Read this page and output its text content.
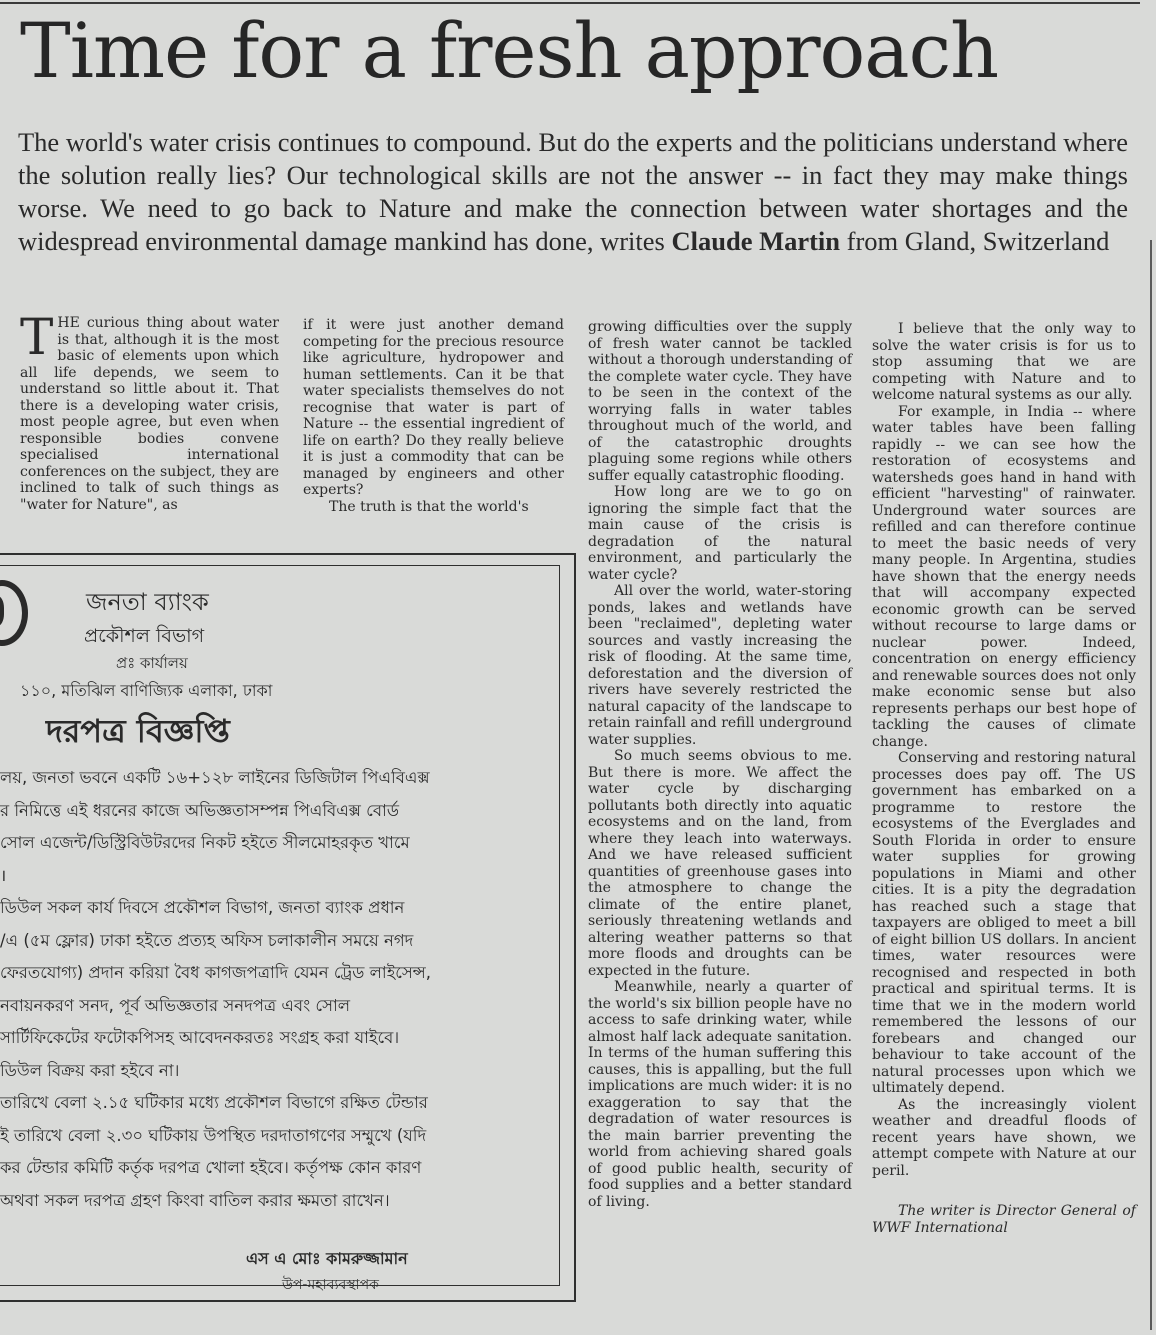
Time for a fresh approach

The world's water crisis continues to compound. But do the experts and the politicians understand where the solution really lies? Our technological skills are not the answer -- in fact they may make things worse. We need to go back to Nature and make the connection between water shortages and the widespread environmental damage mankind has done, writes Claude Martin from Gland, Switzerland

T HE curious thing about water is that, although it is the most basic of elements upon which all life depends, we seem to understand so little about it. That there is a developing water crisis, most people agree, but even when responsible bodies convene specialised international conferences on the subject, they are inclined to talk of such things as "water for Nature", as

if it were just another demand competing for the precious resource like agriculture, hydropower and human settlements. Can it be that water specialists themselves do not recognise that water is part of Nature -- the essential ingredient of life on earth? Do they really believe it is just a commodity that can be managed by engineers and other experts?

The truth is that the world's

growing difficulties over the supply of fresh water cannot be tackled without a thorough understanding of the complete water cycle. They have to be seen in the context of the worrying falls in water tables throughout much of the world, and of the catastrophic droughts plaguing some regions while others suffer equally catastrophic flooding.

How long are we to go on ignoring the simple fact that the main cause of the crisis is degradation of the natural environment, and particularly the water cycle?

All over the world, water-storing ponds, lakes and wetlands have been "reclaimed", depleting water sources and vastly increasing the risk of flooding. At the same time, deforestation and the diversion of rivers have severely restricted the natural capacity of the landscape to retain rainfall and refill underground water supplies.

So much seems obvious to me. But there is more. We affect the water cycle by discharging pollutants both directly into aquatic ecosystems and on the land, from where they leach into waterways. And we have released sufficient quantities of greenhouse gases into the atmosphere to change the climate of the entire planet, seriously threatening wetlands and altering weather patterns so that more floods and droughts can be expected in the future.

Meanwhile, nearly a quarter of the world's six billion people have no access to safe drinking water, while almost half lack adequate sanitation. In terms of the human suffering this causes, this is appalling, but the full implications are much wider: it is no exaggeration to say that the degradation of water resources is the main barrier preventing the world from achieving shared goals of good public health, security of food supplies and a better standard of living.

I believe that the only way to solve the water crisis is for us to stop assuming that we are competing with Nature and to welcome natural systems as our ally.

For example, in India -- where water tables have been falling rapidly -- we can see how the restoration of ecosystems and watersheds goes hand in hand with efficient "harvesting" of rainwater. Underground water sources are refilled and can therefore continue to meet the basic needs of very many people. In Argentina, studies have shown that the energy needs that will accompany expected economic growth can be served without recourse to large dams or nuclear power. Indeed, concentration on energy efficiency and renewable sources does not only make economic sense but also represents perhaps our best hope of tackling the causes of climate change.

Conserving and restoring natural processes does pay off. The US government has embarked on a programme to restore the ecosystems of the Everglades and South Florida in order to ensure water supplies for growing populations in Miami and other cities. It is a pity the degradation has reached such a stage that taxpayers are obliged to meet a bill of eight billion US dollars. In ancient times, water resources were recognised and respected in both practical and spiritual terms. It is time that we in the modern world remembered the lessons of our forebears and changed our behaviour to take account of the natural processes upon which we ultimately depend.

As the increasingly violent weather and dreadful floods of recent years have shown, we attempt compete with Nature at our peril.

The writer is Director General of WWF International

জনতা ব্যাংক
প্রকৌশল বিভাগ
প্রঃ কার্যালয়
১১০, মতিঝিল বাণিজ্যিক এলাকা, ঢাকা
দরপত্র বিজ্ঞপ্তি
লয়, জনতা ভবনে একটি ১৬+১২৮ লাইনের ডিজিটাল পিএবিএক্স
র নিমিত্তে এই ধরনের কাজে অভিজ্ঞতাসম্পন্ন পিএবিএক্স বোর্ড
সোল এজেন্ট/ডিস্ট্রিবিউটরদের নিকট হইতে সীলমোহরকৃত খামে
।
ডিউল সকল কার্য দিবসে প্রকৌশল বিভাগ, জনতা ব্যাংক প্রধান
/এ (৫ম ফ্লোর) ঢাকা হইতে প্রত্যহ অফিস চলাকালীন সময়ে নগদ
ফেরতযোগ্য) প্রদান করিয়া বৈধ কাগজপত্রাদি যেমন ট্রেড লাইসেন্স,
নবায়নকরণ সনদ, পূর্ব অভিজ্ঞতার সনদপত্র এবং সোল
সার্টিফিকেটের ফটোকপিসহ আবেদনকরতঃ সংগ্রহ করা যাইবে।
ডিউল বিক্রয় করা হইবে না।
তারিখে বেলা ২.১৫ ঘটিকার মধ্যে প্রকৌশল বিভাগে রক্ষিত টেন্ডার
ই তারিখে বেলা ২.৩০ ঘটিকায় উপস্থিত দরদাতাগণের সম্মুখে (যদি
কর টেন্ডার কমিটি কর্তৃক দরপত্র খোলা হইবে। কর্তৃপক্ষ কোন কারণ
অথবা সকল দরপত্র গ্রহণ কিংবা বাতিল করার ক্ষমতা রাখেন।
এস এ মোঃ কামরুজ্জামান
উপ-মহাব্যবস্থাপক
